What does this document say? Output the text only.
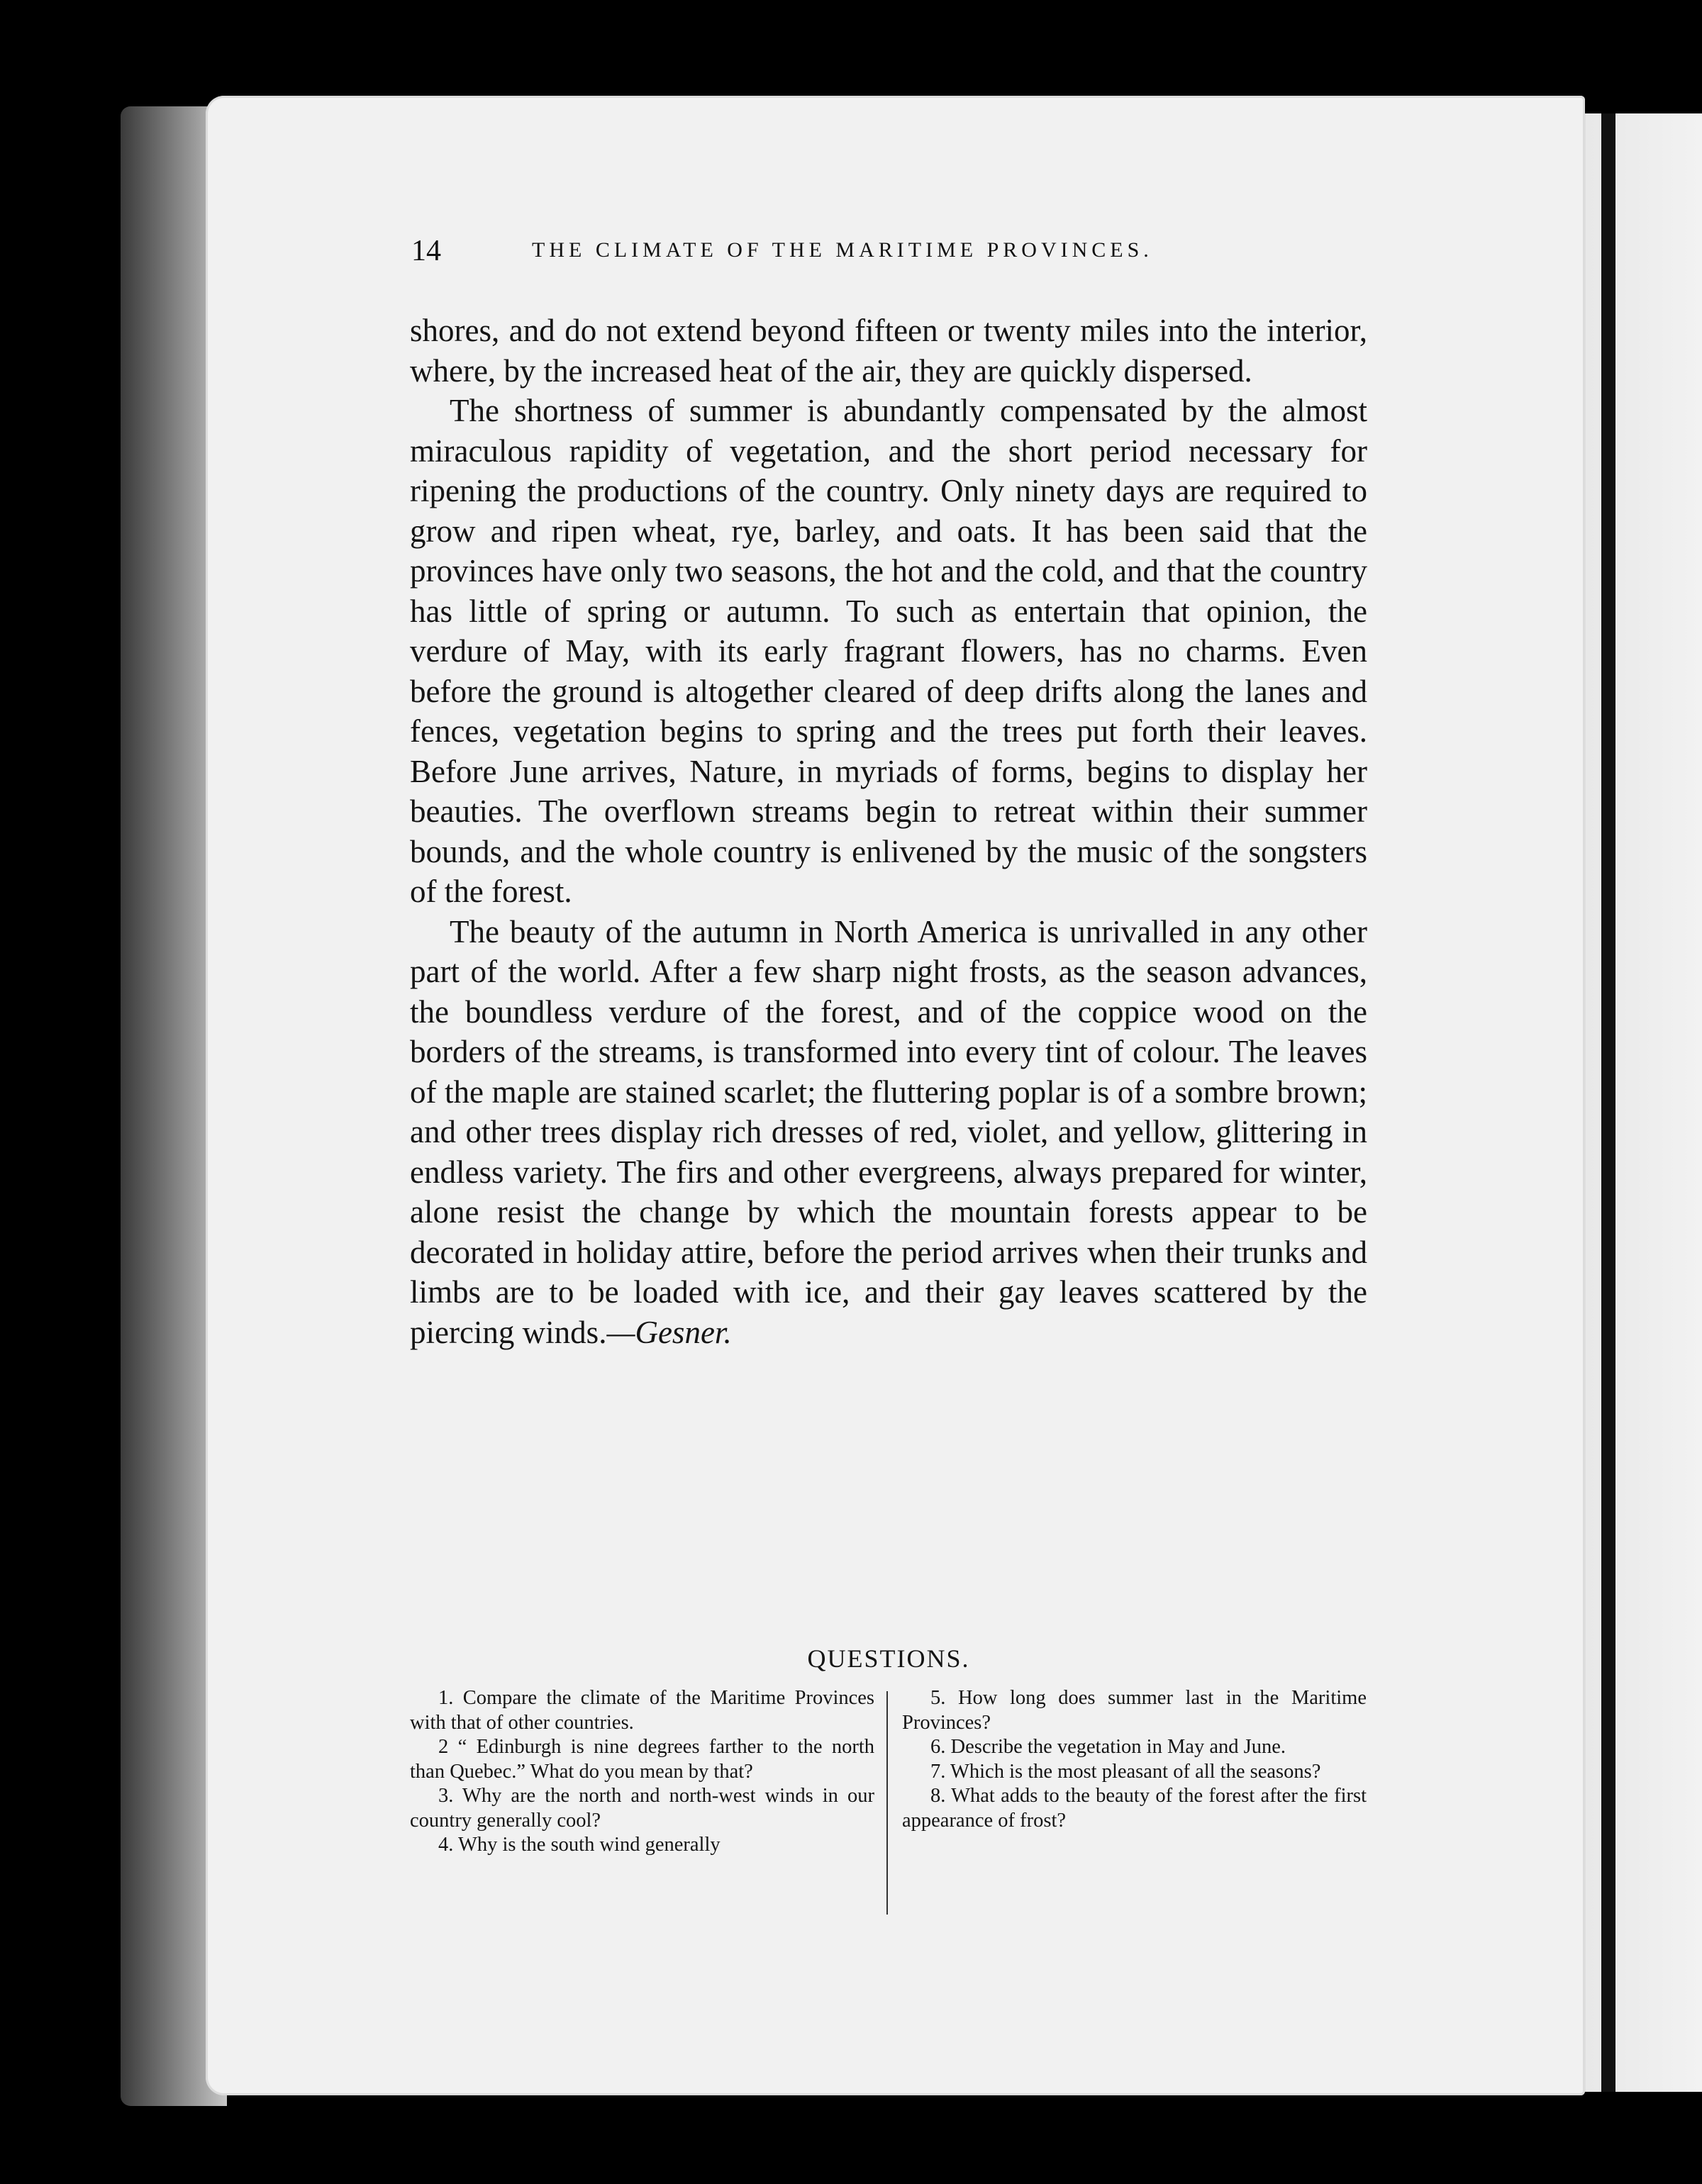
14	THE CLIMATE OF THE MARITIME PROVINCES.

shores, and do not extend beyond fifteen or twenty miles into the interior, where, by the increased heat of the air, they are quickly dispersed.

The shortness of summer is abundantly compensated by the almost miraculous rapidity of vegetation, and the short period necessary for ripening the productions of the country. Only ninety days are required to grow and ripen wheat, rye, barley, and oats. It has been said that the provinces have only two seasons, the hot and the cold, and that the country has little of spring or autumn. To such as entertain that opinion, the verdure of May, with its early fragrant flowers, has no charms. Even before the ground is altogether cleared of deep drifts along the lanes and fences, vegetation begins to spring and the trees put forth their leaves. Before June arrives, Nature, in myriads of forms, begins to display her beauties. The overflown streams begin to retreat within their summer bounds, and the whole country is enlivened by the music of the songsters of the forest.

The beauty of the autumn in North America is unrivalled in any other part of the world. After a few sharp night frosts, as the season advances, the boundless verdure of the forest, and of the coppice wood on the borders of the streams, is transformed into every tint of colour. The leaves of the maple are stained scarlet; the fluttering poplar is of a sombre brown; and other trees display rich dresses of red, violet, and yellow, glittering in endless variety. The firs and other evergreens, always prepared for winter, alone resist the change by which the mountain forests appear to be decorated in holiday attire, before the period arrives when their trunks and limbs are to be loaded with ice, and their gay leaves scattered by the piercing winds.—Gesner.

QUESTIONS.

1. Compare the climate of the Maritime Provinces with that of other countries.

2 “ Edinburgh is nine degrees farther to the north than Quebec.” What do you mean by that?

3. Why are the north and north-west winds in our country generally cool?

4. Why is the south wind generally

5. How long does summer last in the Maritime Provinces?

6. Describe the vegetation in May and June.

7. Which is the most pleasant of all the seasons?

8. What adds to the beauty of the forest after the first appearance of frost?
